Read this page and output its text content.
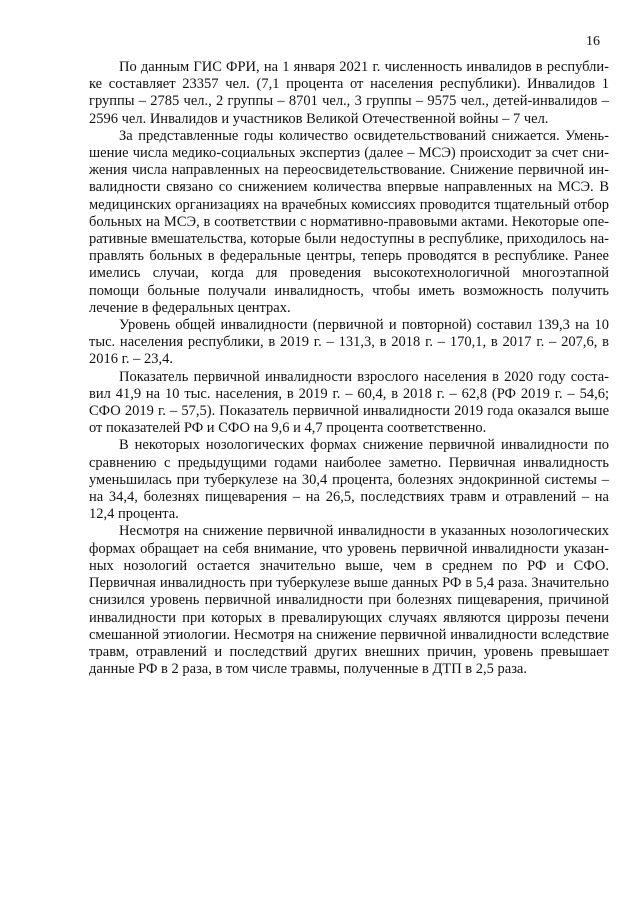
16

По данным ГИС ФРИ, на 1 января 2021 г. численность инвалидов в республике составляет 23357 чел. (7,1 процента от населения республики). Инвалидов 1 группы – 2785 чел., 2 группы – 8701 чел., 3 группы – 9575 чел., детей-инвалидов – 2596 чел. Инвалидов и участников Великой Отечественной войны – 7 чел.

За представленные годы количество освидетельствований снижается. Уменьшение числа медико-социальных экспертиз (далее – МСЭ) происходит за счет снижения числа направленных на переосвидетельствование. Снижение первичной инвалидности связано со снижением количества впервые направленных на МСЭ. В медицинских организациях на врачебных комиссиях проводится тщательный отбор больных на МСЭ, в соответствии с нормативно-правовыми актами. Некоторые оперативные вмешательства, которые были недоступны в республике, приходилось направлять больных в федеральные центры, теперь проводятся в республике. Ранее имелись случаи, когда для проведения высокотехнологичной многоэтапной помощи больные получали инвалидность, чтобы иметь возможность получить лечение в федеральных центрах.

Уровень общей инвалидности (первичной и повторной) составил 139,3 на 10 тыс. населения республики, в 2019 г. – 131,3, в 2018 г. – 170,1, в 2017 г. – 207,6, в 2016 г. – 23,4.

Показатель первичной инвалидности взрослого населения в 2020 году составил 41,9 на 10 тыс. населения, в 2019 г. – 60,4, в 2018 г. – 62,8 (РФ 2019 г. – 54,6; СФО 2019 г. – 57,5). Показатель первичной инвалидности 2019 года оказался выше от показателей РФ и СФО на 9,6 и 4,7 процента соответственно.

В некоторых нозологических формах снижение первичной инвалидности по сравнению с предыдущими годами наиболее заметно. Первичная инвалидность уменьшилась при туберкулезе на 30,4 процента, болезнях эндокринной системы – на 34,4, болезнях пищеварения – на 26,5, последствиях травм и отравлений – на 12,4 процента.

Несмотря на снижение первичной инвалидности в указанных нозологических формах обращает на себя внимание, что уровень первичной инвалидности указанных нозологий остается значительно выше, чем в среднем по РФ и СФО. Первичная инвалидность при туберкулезе выше данных РФ в 5,4 раза. Значительно снизился уровень первичной инвалидности при болезнях пищеварения, причиной инвалидности при которых в превалирующих случаях являются циррозы печени смешанной этиологии. Несмотря на снижение первичной инвалидности вследствие травм, отравлений и последствий других внешних причин, уровень превышает данные РФ в 2 раза, в том числе травмы, полученные в ДТП в 2,5 раза.
